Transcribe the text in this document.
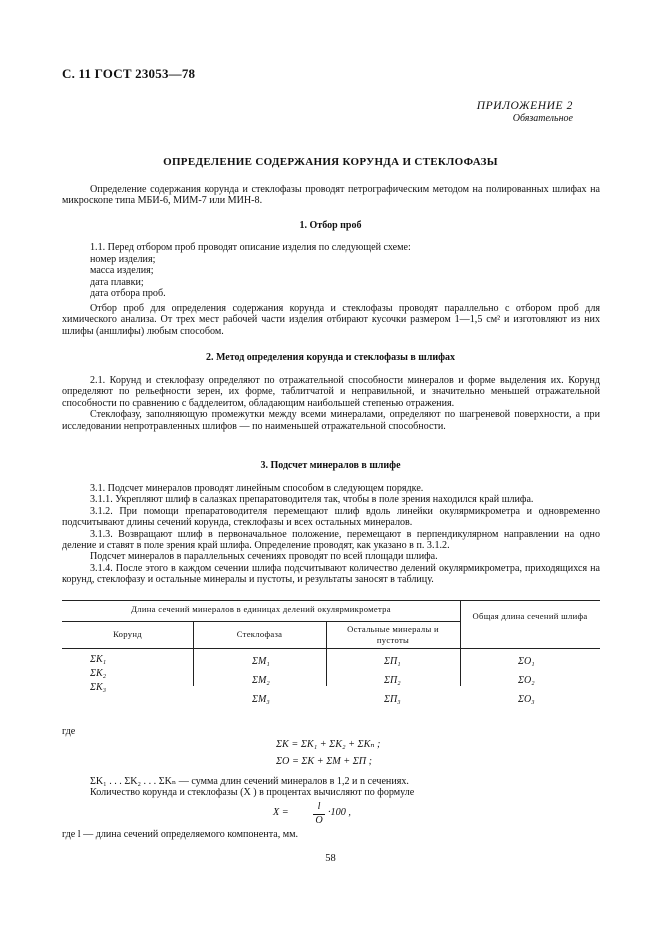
С. 11 ГОСТ 23053—78
ПРИЛОЖЕНИЕ 2
Обязательное
ОПРЕДЕЛЕНИЕ СОДЕРЖАНИЯ КОРУНДА И СТЕКЛОФАЗЫ

Определение содержания корунда и стеклофазы проводят петрографическим методом на полированных шлифах на микроскопе типа МБИ-6, МИМ-7 или МИН-8.

1. Отбор проб

1.1. Перед отбором проб проводят описание изделия по следующей схеме:

номер изделия;
масса изделия;
дата плавки;
дата отбора проб.

Отбор проб для определения содержания корунда и стеклофазы проводят параллельно с отбором проб для химического анализа. От трех мест рабочей части изделия отбирают кусочки размером 1—1,5 см² и изготовляют из них шлифы (аншлифы) любым способом.

2. Метод определения корунда и стеклофазы в шлифах

2.1. Корунд и стеклофазу определяют по отражательной способности минералов и форме выделения их. Корунд определяют по рельефности зерен, их форме, таблитчатой и неправильной, и значительно меньшей отражательной способности по сравнению с бадделеитом, обладающим наибольшей степенью отражения.

Стеклофазу, заполняющую промежутки между всеми минералами, определяют по шагреневой поверхности, а при исследовании непротравленных шлифов — по наименьшей отражательной способности.

3. Подсчет минералов в шлифе

3.1. Подсчет минералов проводят линейным способом в следующем порядке.

3.1.1. Укрепляют шлиф в салазках препаратоводителя так, чтобы в поле зрения находился край шлифа.

3.1.2. При помощи препаратоводителя перемещают шлиф вдоль линейки окулярмикрометра и одновременно подсчитывают длины сечений корунда, стеклофазы и всех остальных минералов.

3.1.3. Возвращают шлиф в первоначальное положение, перемещают в перпендикулярном направлении на одно деление и ставят в поле зрения край шлифа. Определение проводят, как указано в п. 3.1.2.

Подсчет минералов в параллельных сечениях проводят по всей площади шлифа.

3.1.4. После этого в каждом сечении шлифа подсчитывают количество делений окулярмикрометра, приходящихся на корунд, стеклофазу и остальные минералы и пустоты, и результаты заносят в таблицу.

Длина сечений минералов в единицах делений окулярмикрометра
Корунд	Стеклофаза	Остальные минералы и пустоты
Общая длина сечений шлифа
ΣK₁
ΣK₂
ΣK₃
ΣM₁
ΣM₂
ΣM₃
ΣП₁
ΣП₂
ΣП₃
ΣO₁
ΣO₂
ΣO₃
где
ΣK = ΣK₁ + ΣK₂ + ΣKₙ ;
ΣO = ΣK + ΣM + ΣП ;

ΣK₁ . . . ΣK₂ . . . ΣKₙ — сумма длин сечений минералов в 1,2 и n сечениях.

Количество корунда и стеклофазы (X ) в процентах вычисляют по формуле

X =
l
O
·100 ,
где l — длина сечений определяемого компонента, мм.
58
